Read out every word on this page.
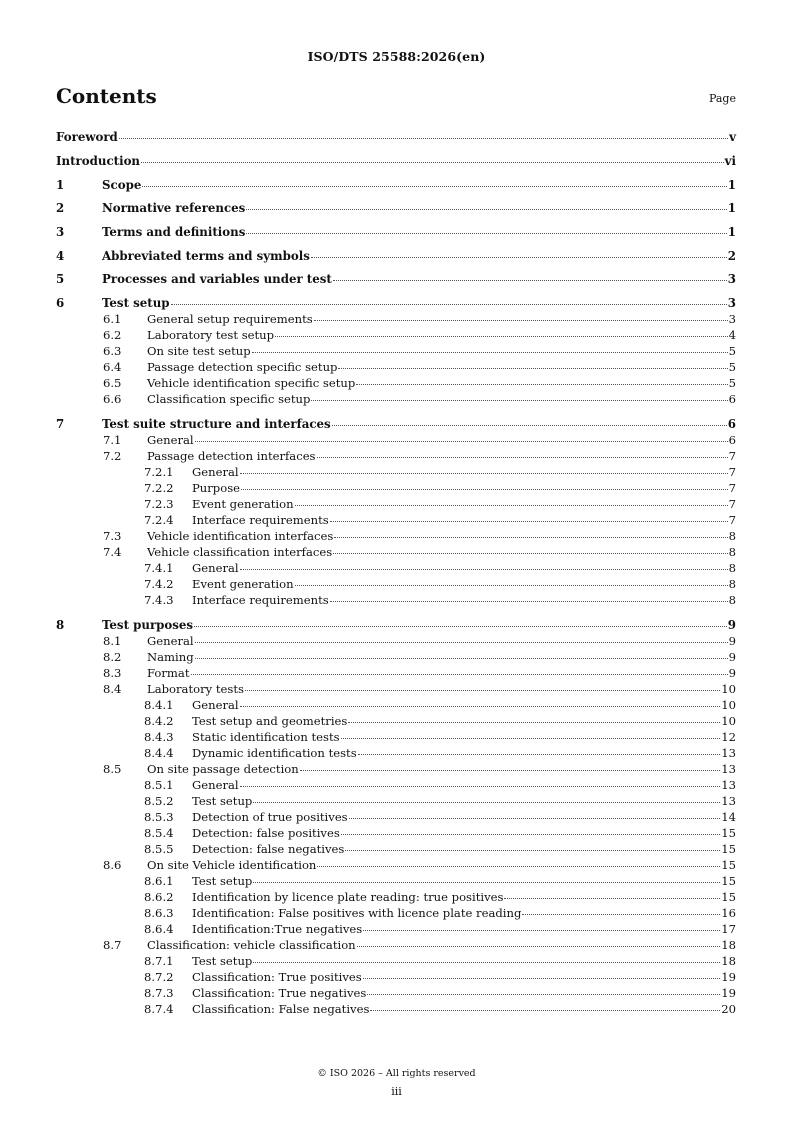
ISO/DTS 25588:2026(en)
Contents	Page
Foreword	v
Introduction	vi
1	Scope	1
2	Normative references	1
3	Terms and definitions	1
4	Abbreviated terms and symbols	2
5	Processes and variables under test	3
6	Test setup	3
6.1 General setup requirements	3
6.2 Laboratory test setup	4
6.3 On site test setup	5
6.4 Passage detection specific setup	5
6.5 Vehicle identification specific setup	5
6.6 Classification specific setup	6
7	Test suite structure and interfaces	6
7.1 General	6
7.2 Passage detection interfaces	7
7.2.1 General	7
7.2.2 Purpose	7
7.2.3 Event generation	7
7.2.4 Interface requirements	7
7.3 Vehicle identification interfaces	8
7.4 Vehicle classification interfaces	8
7.4.1 General	8
7.4.2 Event generation	8
7.4.3 Interface requirements	8
8	Test purposes	9
8.1 General	9
8.2 Naming	9
8.3 Format	9
8.4 Laboratory tests	10
8.4.1 General	10
8.4.2 Test setup and geometries	10
8.4.3 Static identification tests	12
8.4.4 Dynamic identification tests	13
8.5 On site passage detection	13
8.5.1 General	13
8.5.2 Test setup	13
8.5.3 Detection of true positives	14
8.5.4 Detection: false positives	15
8.5.5 Detection: false negatives	15
8.6 On site Vehicle identification	15
8.6.1 Test setup	15
8.6.2 Identification by licence plate reading: true positives	15
8.6.3 Identification: False positives with licence plate reading	16
8.6.4 Identification:True negatives	17
8.7 Classification: vehicle classification	18
8.7.1 Test setup	18
8.7.2 Classification: True positives	19
8.7.3 Classification: True negatives	19
8.7.4 Classification: False negatives	20
© ISO 2026 – All rights reserved
iii
